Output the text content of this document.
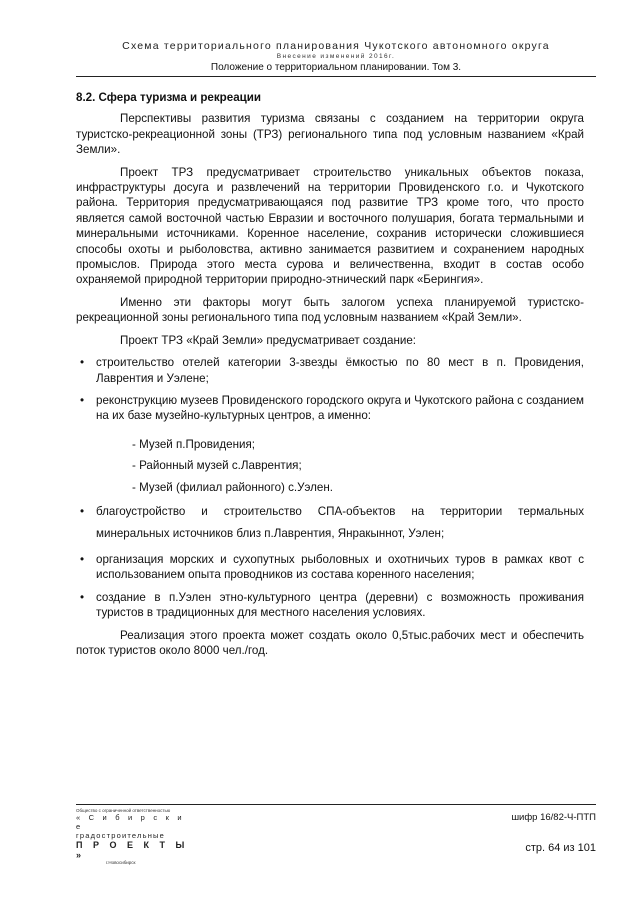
Схема территориального планирования Чукотского автономного округа
Внесение изменений 2016г.
Положение о территориальном планировании. Том 3.
8.2. Сфера туризма и рекреации
Перспективы развития туризма связаны с созданием на территории округа туристско-рекреационной зоны (ТРЗ) регионального типа под условным названием «Край Земли».
Проект ТРЗ предусматривает строительство уникальных объектов показа, инфраструктуры досуга и развлечений на территории Провиденского г.о. и Чукотского района. Территория предусматривающаяся под развитие ТРЗ кроме того, что просто является самой восточной частью Евразии и восточного полушария, богата термальными и минеральными источниками. Коренное население, сохранив исторически сложившиеся способы охоты и рыболовства, активно занимается развитием и сохранением народных промыслов. Природа этого места сурова и величественна, входит в состав особо охраняемой природной территории природно-этнический парк «Берингия».
Именно эти факторы могут быть залогом успеха планируемой туристско-рекреационной зоны регионального типа под условным названием «Край Земли».
Проект ТРЗ «Край Земли» предусматривает создание:
• строительство отелей категории 3-звезды ёмкостью по 80 мест в п. Провидения, Лаврентия и Уэлене;
• реконструкцию музеев Провиденского городского округа и Чукотского района с созданием на их базе музейно-культурных центров, а именно:
- Музей п.Провидения;
- Районный музей с.Лаврентия;
- Музей (филиал районного) с.Уэлен.
• благоустройство и строительство СПА-объектов на территории термальных минеральных источников близ п.Лаврентия, Янракыннот, Уэлен;
• организация морских и сухопутных рыболовных и охотничьих туров в рамках квот с использованием опыта проводников из состава коренного населения;
• создание в п.Уэлен этно-культурного центра (деревни) с возможность проживания туристов в традиционных для местного населения условиях.
Реализация этого проекта может создать около 0,5тыс.рабочих мест и обеспечить поток туристов около 8000 чел./год.
Общество с ограниченной ответственностью
« С и б и р с к и е
градостроительные
П Р О Е К Т Ы »
г.Новосибирск
шифр 16/82-Ч-ПТП
стр. 64 из 101
